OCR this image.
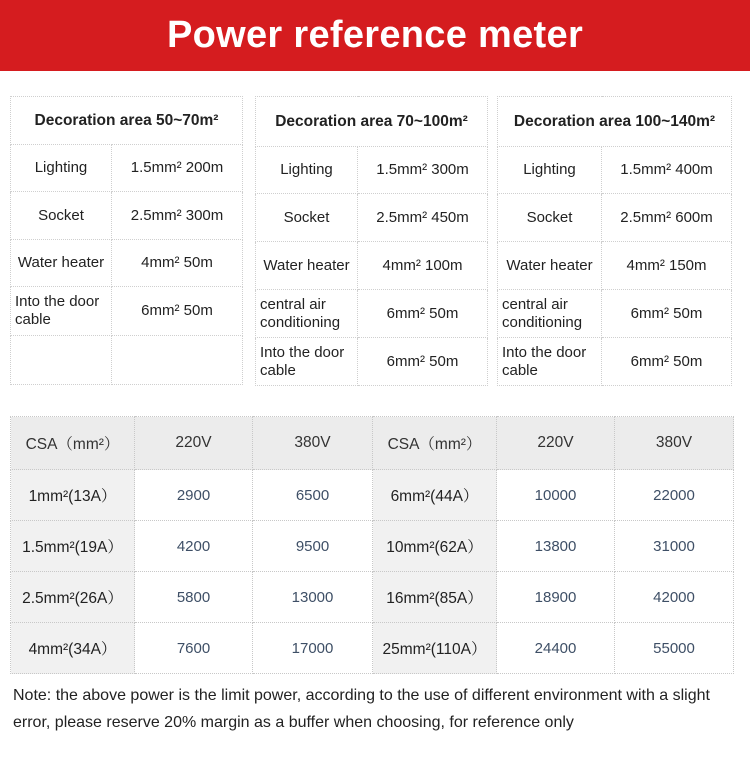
Power reference meter
Decoration area 50~70m²	
Lighting	1.5mm² 200m
Socket	2.5mm² 300m
Water heater	4mm² 50m
Into the door cable	6mm² 50m

Decoration area 70~100m²	
Lighting	1.5mm² 300m
Socket	2.5mm² 450m
Water heater	4mm² 100m
central air conditioning	6mm² 50m
Into the door cable	6mm² 50m
Decoration area 100~140m²	
Lighting	1.5mm² 400m
Socket	2.5mm² 600m
Water heater	4mm² 150m
central air conditioning	6mm² 50m
Into the door cable	6mm² 50m
CSA（mm²）	220V	380V	CSA（mm²）	220V	380V
1mm²(13A）	2900	6500	6mm²(44A）	10000	22000
1.5mm²(19A）	4200	9500	10mm²(62A）	13800	31000
2.5mm²(26A）	5800	13000	16mm²(85A）	18900	42000
4mm²(34A）	7600	17000	25mm²(110A）	24400	55000
Note: the above power is the limit power, according to the use of different environment with a slight error, please reserve 20% margin as a buffer when choosing, for reference only
